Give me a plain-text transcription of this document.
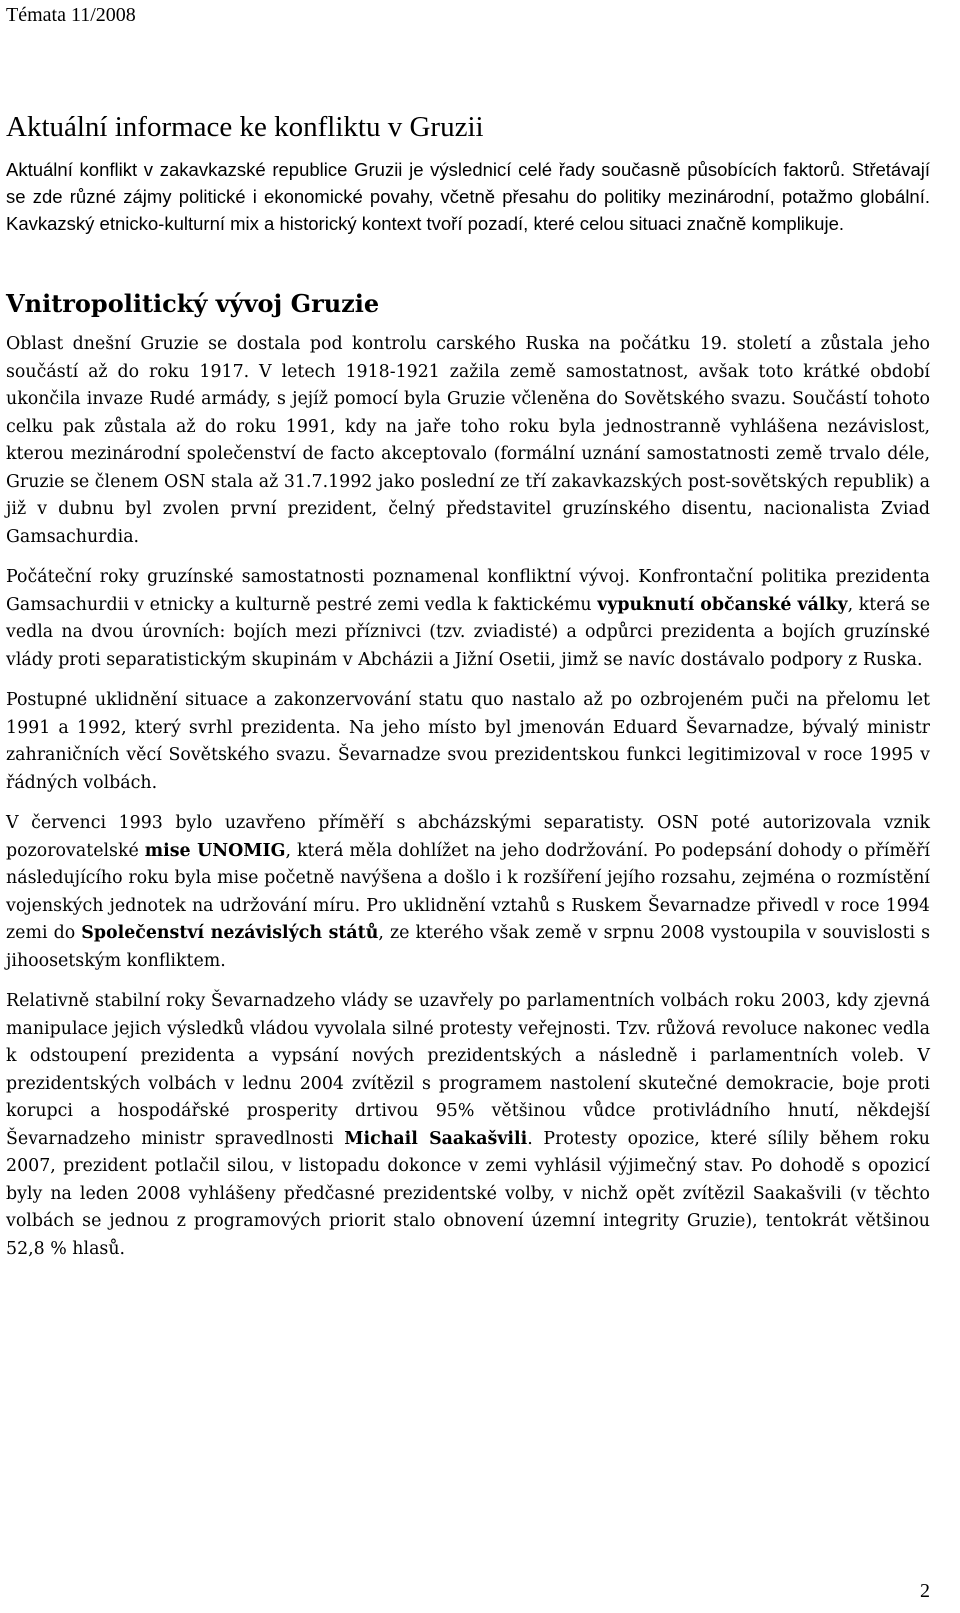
Témata 11/2008
Aktuální informace ke konfliktu v Gruzii

Aktuální konflikt v zakavkazské republice Gruzii je výslednicí celé řady současně působících faktorů. Střetávají se zde různé zájmy politické i ekonomické povahy, včetně přesahu do politiky mezinárodní, potažmo globální. Kavkazský etnicko-kulturní mix a historický kontext tvoří pozadí, které celou situaci značně komplikuje.

Vnitropolitický vývoj Gruzie

Oblast dnešní Gruzie se dostala pod kontrolu carského Ruska na počátku 19. století a zůstala jeho součástí až do roku 1917. V letech 1918-1921 zažila země samostatnost, avšak toto krátké období ukončila invaze Rudé armády, s jejíž pomocí byla Gruzie včleněna do Sovětského svazu. Součástí tohoto celku pak zůstala až do roku 1991, kdy na jaře toho roku byla jednostranně vyhlášena nezávislost, kterou mezinárodní společenství de facto akceptovalo (formální uznání samostatnosti země trvalo déle, Gruzie se členem OSN stala až 31.7.1992 jako poslední ze tří zakavkazských post-sovětských republik) a již v dubnu byl zvolen první prezident, čelný představitel gruzínského disentu, nacionalista Zviad Gamsachurdia.

Počáteční roky gruzínské samostatnosti poznamenal konfliktní vývoj. Konfrontační politika prezidenta Gamsachurdii v etnicky a kulturně pestré zemi vedla k faktickému vypuknutí občanské války, která se vedla na dvou úrovních: bojích mezi příznivci (tzv. zviadisté) a odpůrci prezidenta a bojích gruzínské vlády proti separatistickým skupinám v Abcházii a Jižní Osetii, jimž se navíc dostávalo podpory z Ruska.

Postupné uklidnění situace a zakonzervování statu quo nastalo až po ozbrojeném puči na přelomu let 1991 a 1992, který svrhl prezidenta. Na jeho místo byl jmenován Eduard Ševarnadze, bývalý ministr zahraničních věcí Sovětského svazu. Ševarnadze svou prezidentskou funkci legitimizoval v roce 1995 v řádných volbách.

V červenci 1993 bylo uzavřeno příměří s abcházskými separatisty. OSN poté autorizovala vznik pozorovatelské mise UNOMIG, která měla dohlížet na jeho dodržování. Po podepsání dohody o příměří následujícího roku byla mise početně navýšena a došlo i k rozšíření jejího rozsahu, zejména o rozmístění vojenských jednotek na udržování míru. Pro uklidnění vztahů s Ruskem Ševarnadze přivedl v roce 1994 zemi do Společenství nezávislých států, ze kterého však země v srpnu 2008 vystoupila v souvislosti s jihoosetským konfliktem.

Relativně stabilní roky Ševarnadzeho vlády se uzavřely po parlamentních volbách roku 2003, kdy zjevná manipulace jejich výsledků vládou vyvolala silné protesty veřejnosti. Tzv. růžová revoluce nakonec vedla k odstoupení prezidenta a vypsání nových prezidentských a následně i parlamentních voleb. V prezidentských volbách v lednu 2004 zvítězil s programem nastolení skutečné demokracie, boje proti korupci a hospodářské prosperity drtivou 95% většinou vůdce protivládního hnutí, někdejší Ševarnadzeho ministr spravedlnosti Michail Saakašvili. Protesty opozice, které sílily během roku 2007, prezident potlačil silou, v listopadu dokonce v zemi vyhlásil výjimečný stav. Po dohodě s opozicí byly na leden 2008 vyhlášeny předčasné prezidentské volby, v nichž opět zvítězil Saakašvili (v těchto volbách se jednou z programových priorit stalo obnovení územní integrity Gruzie), tentokrát většinou 52,8 % hlasů.

2
